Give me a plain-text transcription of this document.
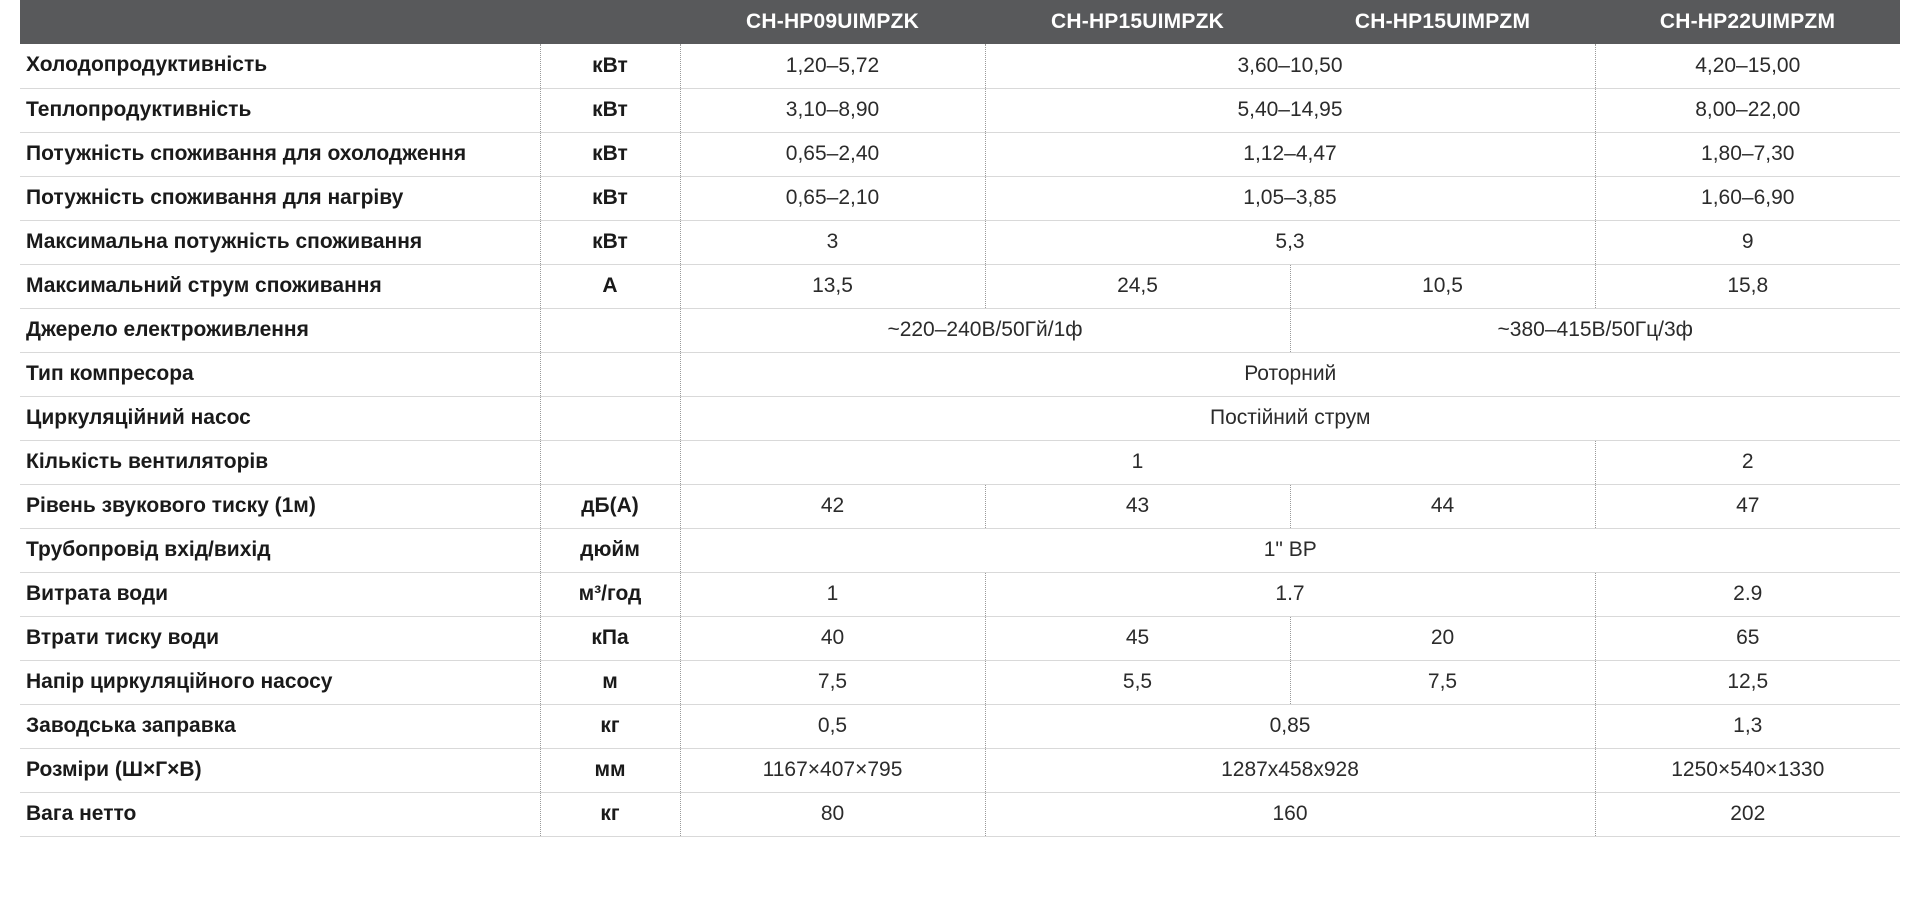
		CH-HP09UIMPZK	CH-HP15UIMPZK	CH-HP15UIMPZM	CH-HP22UIMPZM
Холодопродуктивність	кВт	1,20–5,72	3,60–10,50		4,20–15,00
Теплопродуктивність	кВт	3,10–8,90	5,40–14,95		8,00–22,00
Потужність споживання для охолодження	кВт	0,65–2,40	1,12–4,47		1,80–7,30
Потужність споживання для нагріву	кВт	0,65–2,10	1,05–3,85		1,60–6,90
Максимальна потужність споживання	кВт	3	5,3		9
Максимальний струм споживання	А	13,5	24,5	10,5	15,8
Джерело електроживлення		~220–240В/50Гй/1ф		~380–415В/50Гц/3ф	
Тип компресора		Роторний			
Циркуляційний насос		Постійний струм			
Кількість вентиляторів		1			2
Рівень звукового тиску (1м)	дБ(А)	42	43	44	47
Трубопровід вхід/вихід	дюйм	1" ВР			
Витрата води	м³/год	1	1.7		2.9
Втрати тиску води	кПа	40	45	20	65
Напір циркуляційного насосу	м	7,5	5,5	7,5	12,5
Заводська заправка	кг	0,5	0,85		1,3
Розміри (Ш×Г×В)	мм	1167×407×795	1287x458x928		1250×540×1330
Вага нетто	кг	80	160		202
